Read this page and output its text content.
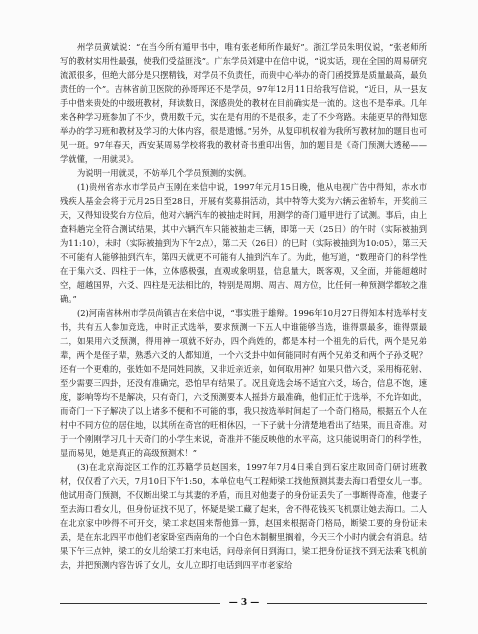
州学员黄斌说：“在当今所有遁甲书中，唯有张老师所作最好”。浙江学员朱明仪说，“张老师所写的教材实用性最强，使我们受益匪浅”。广东学员刘建中在信中说，“说实话，现在全国的周易研究流派很多，但绝大部分是只摆精钱，对学员不负责任，而贵中心举办的奇门函授算是质量最高，最负责任的一个”。吉林省前卫医院的孙哥珲还不是学员，97年12月11日给我写信说，“近日，从一县友手中借来贵处的中级班教材，拜读数日，深感贵处的教材在目前确实是一流的。这也不是奉承。几年来各种学习班参加了不少，费用数千元，实在是有用的不是很多，走了不少弯路。未能更早的得知您举办的学习班和教材及学习的大体内容，很是遗憾。”另外，从复印机权着为我所写教材加的题目也可见一斑。97年春天，西安某周易学校将我的教材奇书重印出售，加的题目是《奇门预测大透秘——学就懂，一用就灵》。

为说明一用就灵，不妨举几个学员预测的实例。

(1)贵州省赤水市学员卢玉刚在来信中说，1997年元月15日晚，他从电视广告中得知，赤水市残疾人基金会将于元月25日至28日，开展有奖募捐活动，其中特等大奖为六辆云雀轿车，开奖前三天，又得知设奖台方位后，他对六辆汽车的被抽走时间，用测学的奇门遁甲进行了试测。事后，由上查料趟完全符合测试结果，其中六辆汽车只能被抽走三辆，即第一天（25日）的午时（实际被抽到为11:10），未时（实际被抽到为下午2点），第二天（26日）的巳时（实际被抽到为10:05），第三天不可能有人能够抽到汽车，第四天就更不可能有人抽到汽车了。为此，他写道，“数理奇门的科学性在于集六爻、四柱于一体，立体感极强，直观或象明显，信息量大，既客观，又全面，并能超越时空，超越国界，六爻、四柱是无法相比的，特别是周期、周吉、周方位，比任何一种预测学都较之准确。”

(2)河南省林州市学员尚镇吉在来信中说，“事实胜于雄辩。1996年10月27日得知本村选举村支书，共有五人参加竞选，申时正式选举，要求预测一下五人中谁能够当选，谁得票最多，谁得票最二，如果用六爻预测，得用神一项就不好办，四个尚姓的，都是本村一个祖先的后代，两个是兄弟辈，两个是侄子辈，熟悉六爻的人都知道，一个六爻卦中如何能同时有两个兄弟爻和两个子孙爻呢？还有一个更难的，张姓如不是同姓同族，又非近亲近亲，如何取用神？如果只借六爻，采用梅花射、至少需要三四卦，还没有准确完，恐怕早有结果了。况且竟选会场不适宜六爻，场合，信息不饱，速度，影响等均不是解决，只有奇门，六爻预测要本人摇卦方最准确，他们正忙于选举，不允许如此，而奇门一下子解决了以上诸多不便和不可能的事，我只按选举时间起了一个奇门格局，根据五个人在村中不同方位的居住地，以其所在奇宫的旺相休囚，一下子就十分清楚地看出了结果，而且奇准。对于一个刚刚学习几十天奇门的小学生来说，奇准并不能反映他的水平高，这只能说明奇门的科学性，显而易见，她是真正的高级预测术！”

(3)在北京海淀区工作的江苏籍学员赵国来，1997年7月4日乘自到石家庄取回奇门研讨班教材，仅仅看了六天，7月10日下午1:50，本单位电气工程师梁工找他预测其妻去海口看望女儿一事。他试用奇门预测，不仅断出梁工与其妻的矛盾，而且对他妻子的身份证丢失了一事断得奇准，他妻子至去海口看女儿，但身份证找不见了，怀疑是梁工藏了起来，舍不得花钱买飞机票让她去海口。二人在北京家中吵得不可开交，梁工求赵国来帮他算一算，赵国来根据奇门格局，断梁工要的身份证未丢，是在东北四平市他们老家卧室西南角的一个白色木制橱里搁着，今天三个小时内就会有消息。结果下午三点钟，梁工的女儿给梁工打来电话，问母亲何日到海口，梁工把身份证找不到无法乘飞机前去，并把预测内容告诉了女儿，女儿立即打电话到四平市老家给

— 3 —
